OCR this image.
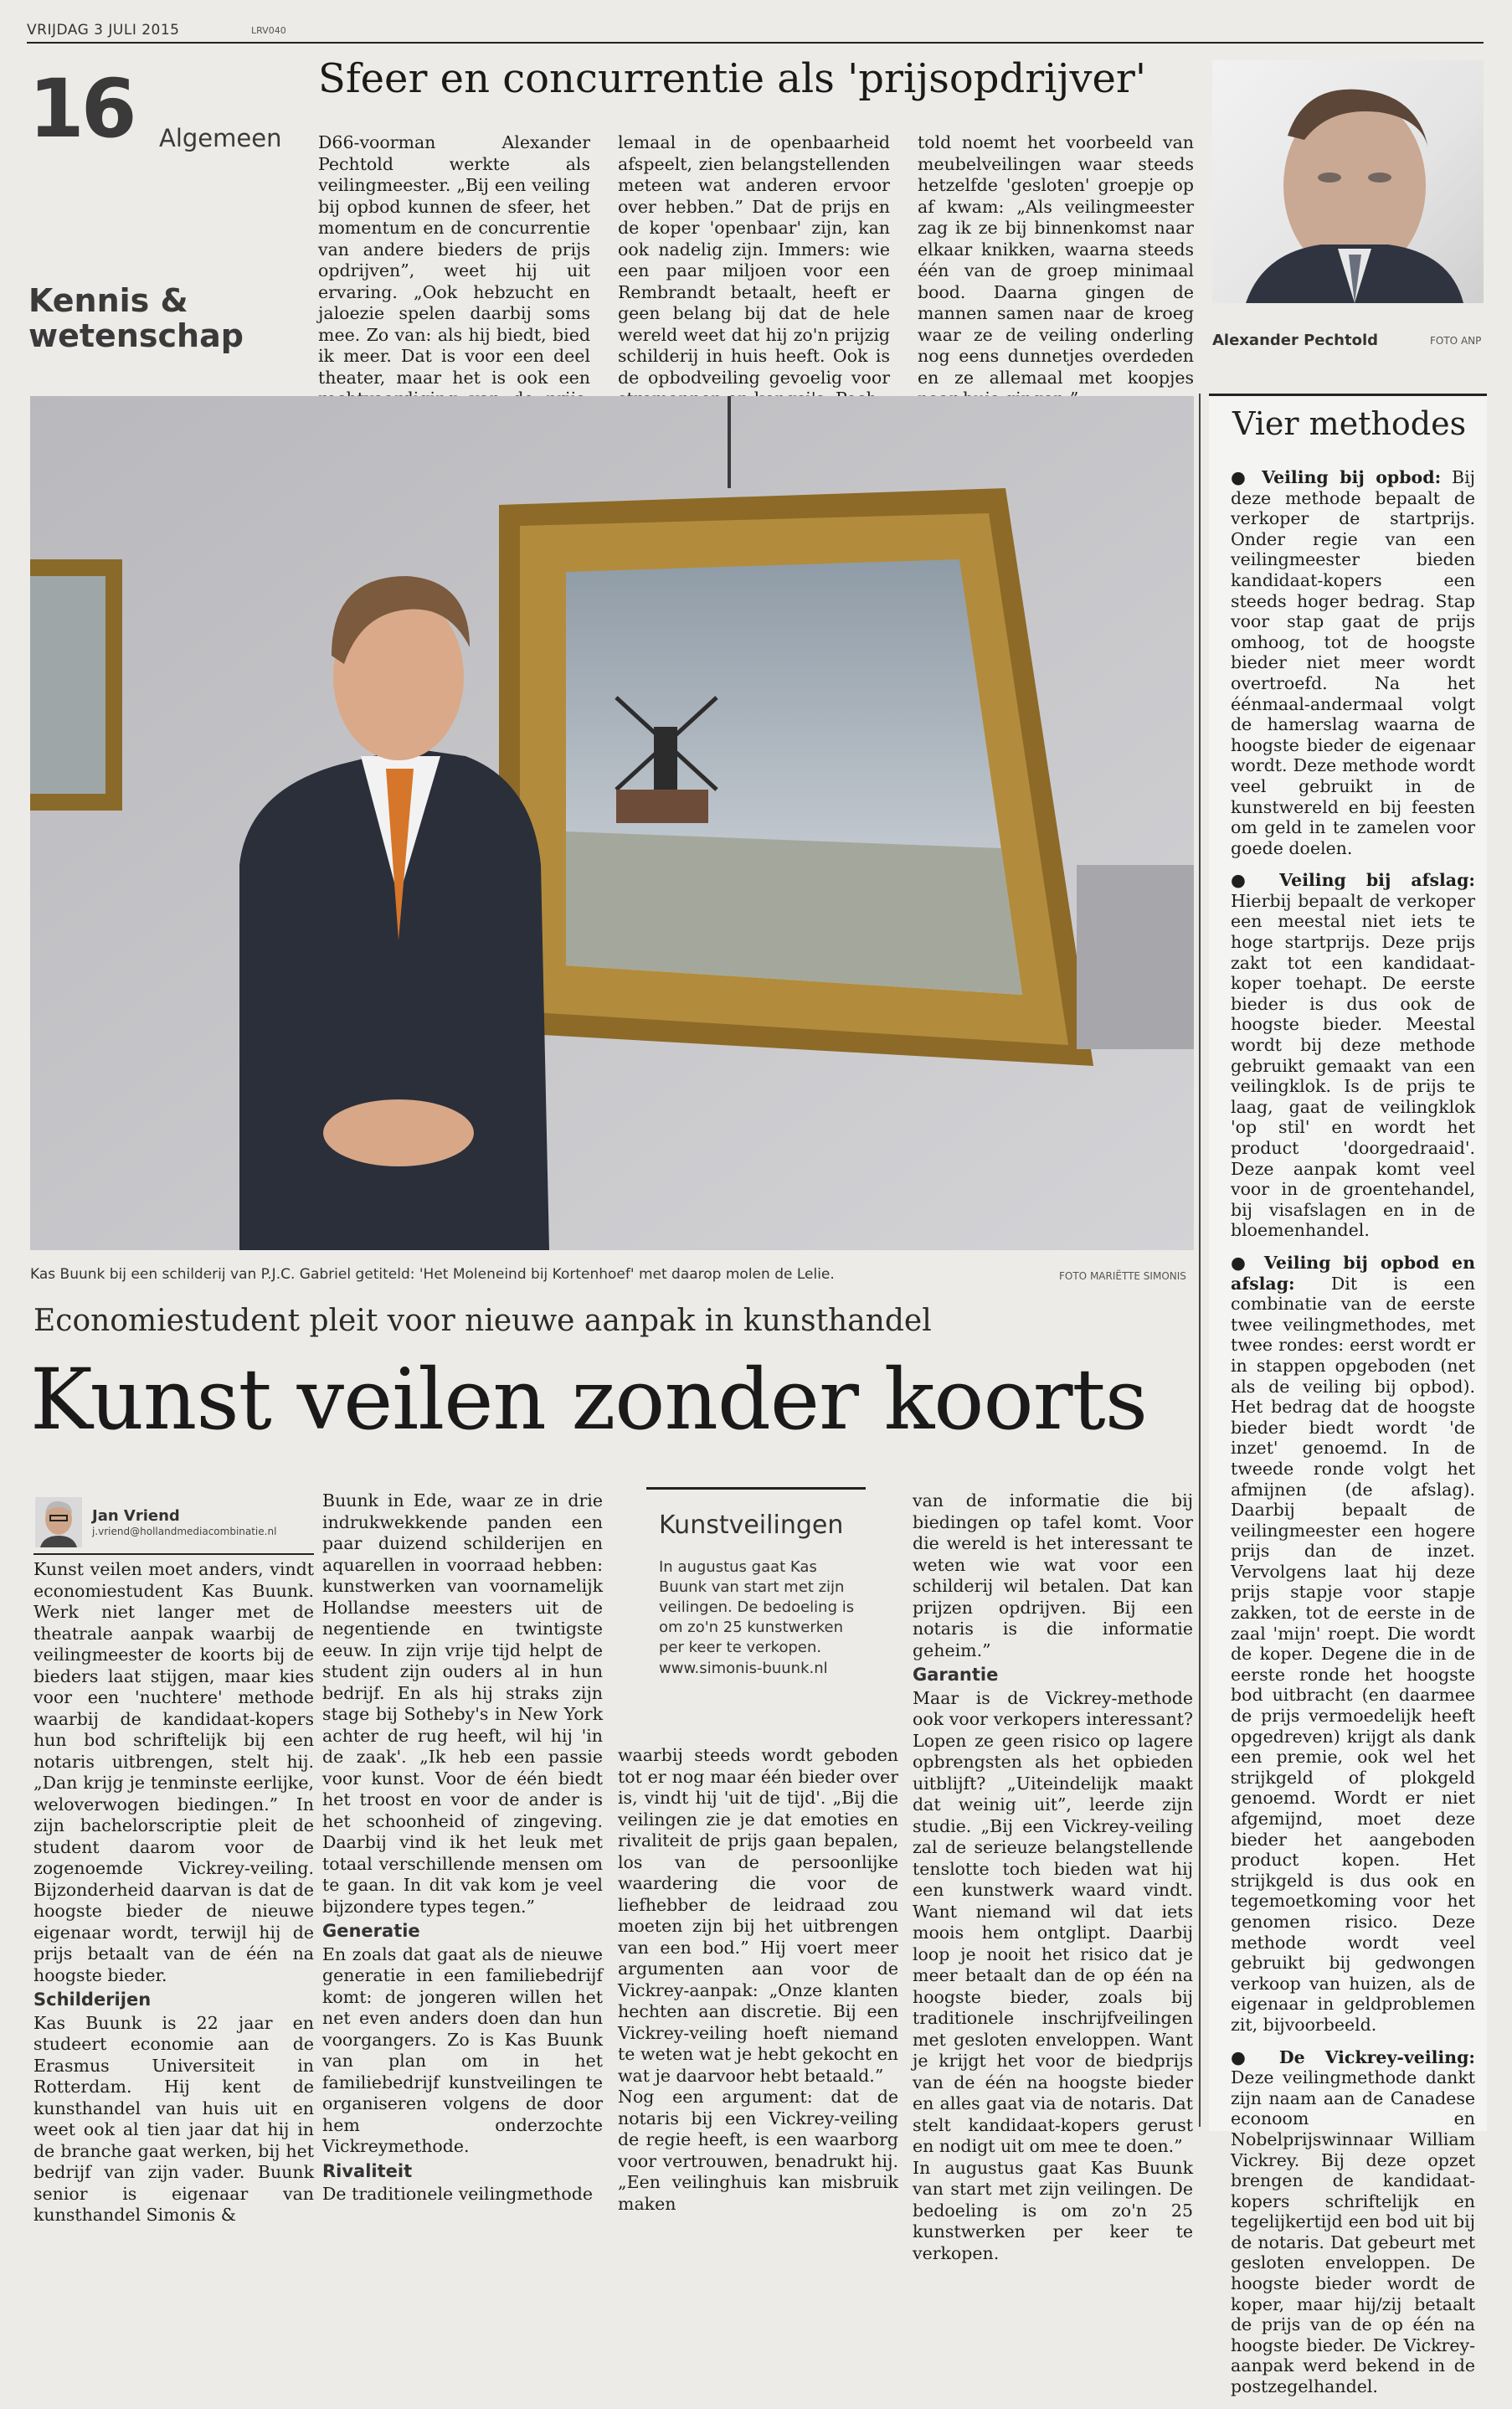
VRIJDAG 3 JULI 2015	LRV040
16 Algemeen
Kennis & wetenschap
Sfeer en concurrentie als 'prijsopdrijver'
D66-voorman Alexander Pechtold werkte als veilingmeester. „Bij een veiling bij opbod kunnen de sfeer, het momentum en de concurrentie van andere bieders de prijs opdrijven”, weet hij uit ervaring. „Ook hebzucht en jaloezie spelen daarbij soms mee. Zo van: als hij biedt, bied ik meer. Dat is voor een deel theater, maar het is ook een
lemaal in de openbaarheid afspeelt, zien belangstellenden meteen wat anderen ervoor over hebben.” Dat de prijs en de koper 'openbaar' zijn, kan ook nadelig zijn. Immers: wie een paar miljoen voor een Rembrandt betaalt, heeft er geen belang bij dat de hele wereld weet dat hij zo'n prijzig schilderij in huis heeft. Ook is de opbodveiling gevoelig voor
told noemt het voorbeeld van meubelveilingen waar steeds hetzelfde 'gesloten' groepje op af kwam: „Als veilingmeester zag ik ze bij binnenkomst naar elkaar knikken, waarna steeds één van de groep minimaal bood. Daarna gingen de mannen samen naar de kroeg waar ze de veiling onderling nog eens dunnetjes overdeden en ze allemaal met koopjes
Alexander Pechtold	FOTO ANP
Kas Buunk bij een schilderij van P.J.C. Gabriel getiteld: 'Het Moleneind bij Kortenhoef' met daarop molen de Lelie.	FOTO MARIËTTE SIMONIS
Economiestudent pleit voor nieuwe aanpak in kunsthandel
Kunst veilen zonder koorts
Jan Vriend
j.vriend@hollandmediacombinatie.nl

Kunst veilen moet anders, vindt economiestudent Kas Buunk. Werk niet langer met de theatrale aanpak waarbij de veilingmeester de koorts bij de bieders laat stijgen, maar kies voor een 'nuchtere' methode waarbij de kandidaat-kopers hun bod schriftelijk bij een notaris uitbrengen, stelt hij. „Dan krijg je tenminste eerlijke, weloverwogen biedingen.” In zijn bachelorscriptie pleit de student daarom voor de zogenoemde Vickrey-veiling. Bijzonderheid daarvan is dat de hoogste bieder de nieuwe eigenaar wordt, terwijl hij de prijs betaalt van de één na hoogste bieder.

Schilderijen

Kas Buunk is 22 jaar en studeert economie aan de Erasmus Universiteit in Rotterdam. Hij kent de kunsthandel van huis uit en weet ook al tien jaar dat hij in de branche gaat werken, bij het bedrijf van zijn vader. Buunk senior is eigenaar van kunsthandel Simonis &

Buunk in Ede, waar ze in drie indrukwekkende panden een paar duizend schilderijen en aquarellen in voorraad hebben: kunstwerken van voornamelijk Hollandse meesters uit de negentiende en twintigste eeuw. In zijn vrije tijd helpt de student zijn ouders al in hun bedrijf. En als hij straks zijn stage bij Sotheby's in New York achter de rug heeft, wil hij 'in de zaak'. „Ik heb een passie voor kunst. Voor de één biedt het troost en voor de ander is het schoonheid of zingeving. Daarbij vind ik het leuk met totaal verschillende mensen om te gaan. In dit vak kom je veel bijzondere types tegen.”

Generatie

En zoals dat gaat als de nieuwe generatie in een familiebedrijf komt: de jongeren willen het net even anders doen dan hun voorgangers. Zo is Kas Buunk van plan om in het familiebedrijf kunstveilingen te organiseren volgens de door hem onderzochte Vickreymethode.

Rivaliteit

De traditionele veilingmethode

Kunstveilingen
In augustus gaat Kas Buunk van start met zijn veilingen. De bedoeling is om zo'n 25 kunstwerken per keer te verkopen.
www.simonis-buunk.nl

waarbij steeds wordt geboden tot er nog maar één bieder over is, vindt hij 'uit de tijd'. „Bij die veilingen zie je dat emoties en rivaliteit de prijs gaan bepalen, los van de persoonlijke waardering die voor de liefhebber de leidraad zou moeten zijn bij het uitbrengen van een bod.” Hij voert meer argumenten aan voor de Vickrey-aanpak: „Onze klanten hechten aan discretie. Bij een Vickrey-veiling hoeft niemand te weten wat je hebt gekocht en wat je daarvoor hebt betaald.”

Nog een argument: dat de notaris bij een Vickrey-veiling de regie heeft, is een waarborg voor vertrouwen, benadrukt hij. „Een veilinghuis kan misbruik maken

van de informatie die bij biedingen op tafel komt. Voor die wereld is het interessant te weten wie wat voor een schilderij wil betalen. Dat kan prijzen opdrijven. Bij een notaris is die informatie geheim.”

Garantie

Maar is de Vickrey-methode ook voor verkopers interessant? Lopen ze geen risico op lagere opbrengsten als het opbieden uitblijft? „Uiteindelijk maakt dat weinig uit”, leerde zijn studie. „Bij een Vickrey-veiling zal de serieuze belangstellende tenslotte toch bieden wat hij een kunstwerk waard vindt. Want niemand wil dat iets moois hem ontglipt. Daarbij loop je nooit het risico dat je meer betaalt dan de op één na hoogste bieder, zoals bij traditionele inschrijfveilingen met gesloten enveloppen. Want je krijgt het voor de biedprijs van de één na hoogste bieder en alles gaat via de notaris. Dat stelt kandidaat-kopers gerust en nodigt uit om mee te doen.”

In augustus gaat Kas Buunk van start met zijn veilingen. De bedoeling is om zo'n 25 kunstwerken per keer te verkopen.

Vier methodes

● Veiling bij opbod: Bij deze methode bepaalt de verkoper de startprijs. Onder regie van een veilingmeester bieden kandidaat-kopers een steeds hoger bedrag. Stap voor stap gaat de prijs omhoog, tot de hoogste bieder niet meer wordt overtroefd. Na het éénmaal-andermaal volgt de hamerslag waarna de hoogste bieder de eigenaar wordt. Deze methode wordt veel gebruikt in de kunstwereld en bij feesten om geld in te zamelen voor goede doelen.

● Veiling bij afslag: Hierbij bepaalt de verkoper een meestal niet iets te hoge startprijs. Deze prijs zakt tot een kandidaat-koper toehapt. De eerste bieder is dus ook de hoogste bieder. Meestal wordt bij deze methode gebruikt gemaakt van een veilingklok. Is de prijs te laag, gaat de veilingklok 'op stil' en wordt het product 'doorgedraaid'. Deze aanpak komt veel voor in de groentehandel, bij visafslagen en in de bloemenhandel.

● Veiling bij opbod en afslag: Dit is een combinatie van de eerste twee veilingmethodes, met twee rondes: eerst wordt er in stappen opgeboden (net als de veiling bij opbod). Het bedrag dat de hoogste bieder biedt wordt 'de inzet' genoemd. In de tweede ronde volgt het afmijnen (de afslag). Daarbij bepaalt de veilingmeester een hogere prijs dan de inzet. Vervolgens laat hij deze prijs stapje voor stapje zakken, tot de eerste in de zaal 'mijn' roept. Die wordt de koper. Degene die in de eerste ronde het hoogste bod uitbracht (en daarmee de prijs vermoedelijk heeft opgedreven) krijgt als dank een premie, ook wel het strijkgeld of plokgeld genoemd. Wordt er niet afgemijnd, moet deze bieder het aangeboden product kopen. Het strijkgeld is dus ook en tegemoetkoming voor het genomen risico. Deze methode wordt veel gebruikt bij gedwongen verkoop van huizen, als de eigenaar in geldproblemen zit, bijvoorbeeld.

● De Vickrey-veiling: Deze veilingmethode dankt zijn naam aan de Canadese econoom en Nobelprijswinnaar William Vickrey. Bij deze opzet brengen de kandidaat-kopers schriftelijk en tegelijkertijd een bod uit bij de notaris. Dat gebeurt met gesloten enveloppen. De hoogste bieder wordt de koper, maar hij/zij betaalt de prijs van de op één na hoogste bieder. De Vickrey-aanpak werd bekend in de postzegelhandel.
